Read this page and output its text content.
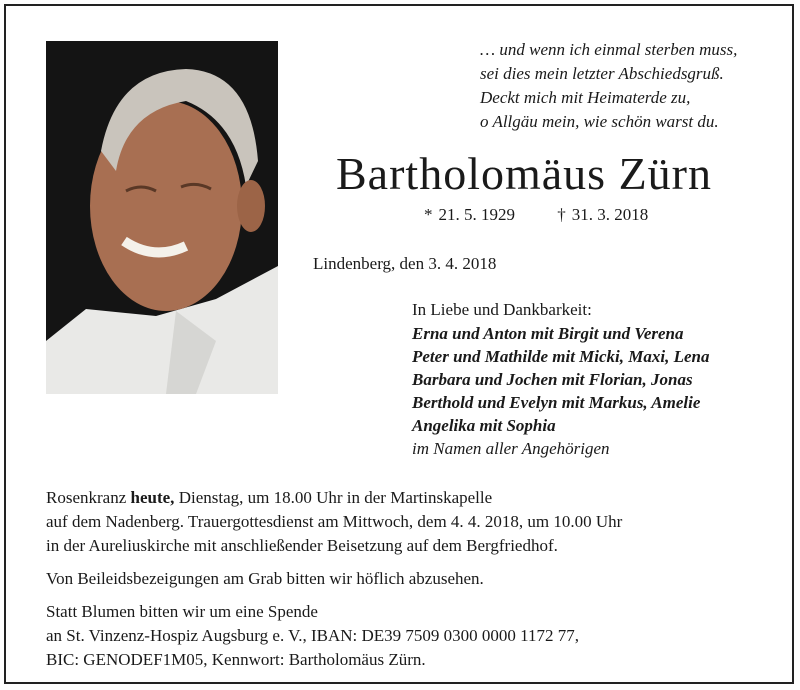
… und wenn ich einmal sterben muss,
sei dies mein letzter Abschiedsgruß.
Deckt mich mit Heimaterde zu,
o Allgäu mein, wie schön warst du.
Bartholomäus Zürn
* 21. 5. 1929 † 31. 3. 2018
Lindenberg, den 3. 4. 2018
In Liebe und Dankbarkeit:
Erna und Anton mit Birgit und Verena
Peter und Mathilde mit Micki, Maxi, Lena
Barbara und Jochen mit Florian, Jonas
Berthold und Evelyn mit Markus, Amelie
Angelika mit Sophia
im Namen aller Angehörigen
Rosenkranz heute, Dienstag, um 18.00 Uhr in der Martinskapelle
auf dem Nadenberg. Trauergottesdienst am Mittwoch, dem 4. 4. 2018, um 10.00 Uhr
in der Aureliuskirche mit anschließender Beisetzung auf dem Bergfriedhof.
Von Beileidsbezeigungen am Grab bitten wir höflich abzusehen.
Statt Blumen bitten wir um eine Spende
an St. Vinzenz-Hospiz Augsburg e. V., IBAN: DE39 7509 0300 0000 1172 77,
BIC: GENODEF1M05, Kennwort: Bartholomäus Zürn.
